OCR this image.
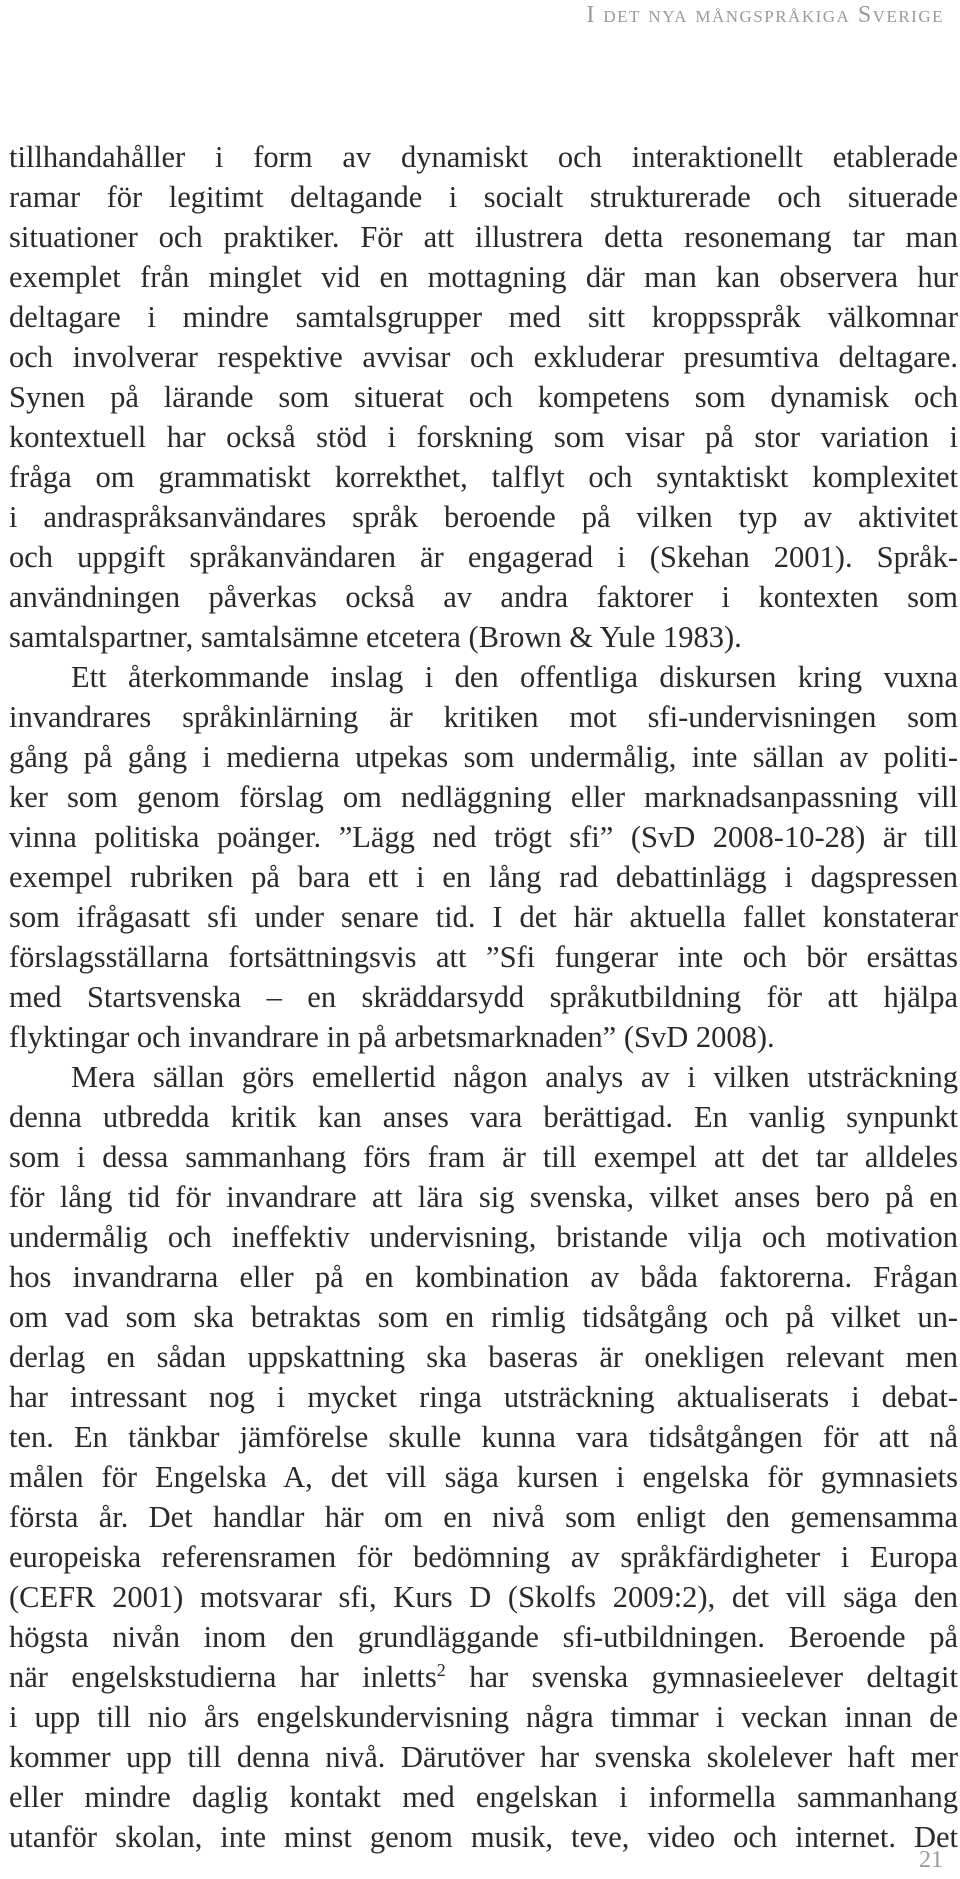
I det nya mångspråkiga Sverige
tillhandahåller i form av dynamiskt och interaktionellt etablerade
ramar för legitimt deltagande i socialt strukturerade och situerade
situationer och praktiker. För att illustrera detta resonemang tar man
exemplet från minglet vid en mottagning där man kan observera hur
deltagare i mindre samtalsgrupper med sitt kroppsspråk välkomnar
och involverar respektive avvisar och exkluderar presumtiva deltagare.
Synen på lärande som situerat och kompetens som dynamisk och
kontextuell har också stöd i forskning som visar på stor variation i
fråga om grammatiskt korrekthet, talflyt och syntaktiskt komplexitet
i andraspråksanvändares språk beroende på vilken typ av aktivitet
och uppgift språkanvändaren är engagerad i (Skehan 2001). Språk-
användningen påverkas också av andra faktorer i kontexten som
samtalspartner, samtalsämne etcetera (Brown & Yule 1983).
Ett återkommande inslag i den offentliga diskursen kring vuxna
invandrares språkinlärning är kritiken mot sfi-undervisningen som
gång på gång i medierna utpekas som undermålig, inte sällan av politi-
ker som genom förslag om nedläggning eller marknadsanpassning vill
vinna politiska poänger. ”Lägg ned trögt sfi” (SvD 2008-10-28) är till
exempel rubriken på bara ett i en lång rad debattinlägg i dagspressen
som ifrågasatt sfi under senare tid. I det här aktuella fallet konstaterar
förslagsställarna fortsättningsvis att ”Sfi fungerar inte och bör ersättas
med Startsvenska – en skräddarsydd språkutbildning för att hjälpa
flyktingar och invandrare in på arbetsmarknaden” (SvD 2008).
Mera sällan görs emellertid någon analys av i vilken utsträckning
denna utbredda kritik kan anses vara berättigad. En vanlig synpunkt
som i dessa sammanhang förs fram är till exempel att det tar alldeles
för lång tid för invandrare att lära sig svenska, vilket anses bero på en
undermålig och ineffektiv undervisning, bristande vilja och motivation
hos invandrarna eller på en kombination av båda faktorerna. Frågan
om vad som ska betraktas som en rimlig tidsåtgång och på vilket un-
derlag en sådan uppskattning ska baseras är onekligen relevant men
har intressant nog i mycket ringa utsträckning aktualiserats i debat-
ten. En tänkbar jämförelse skulle kunna vara tidsåtgången för att nå
målen för Engelska A, det vill säga kursen i engelska för gymnasiets
första år. Det handlar här om en nivå som enligt den gemensamma
europeiska referensramen för bedömning av språkfärdigheter i Europa
(CEFR 2001) motsvarar sfi, Kurs D (Skolfs 2009:2), det vill säga den
högsta nivån inom den grundläggande sfi-utbildningen. Beroende på
när engelskstudierna har inletts$^2$ har svenska gymnasieelever deltagit
i upp till nio års engelskundervisning några timmar i veckan innan de
kommer upp till denna nivå. Därutöver har svenska skolelever haft mer
eller mindre daglig kontakt med engelskan i informella sammanhang
utanför skolan, inte minst genom musik, teve, video och internet. Det
21
